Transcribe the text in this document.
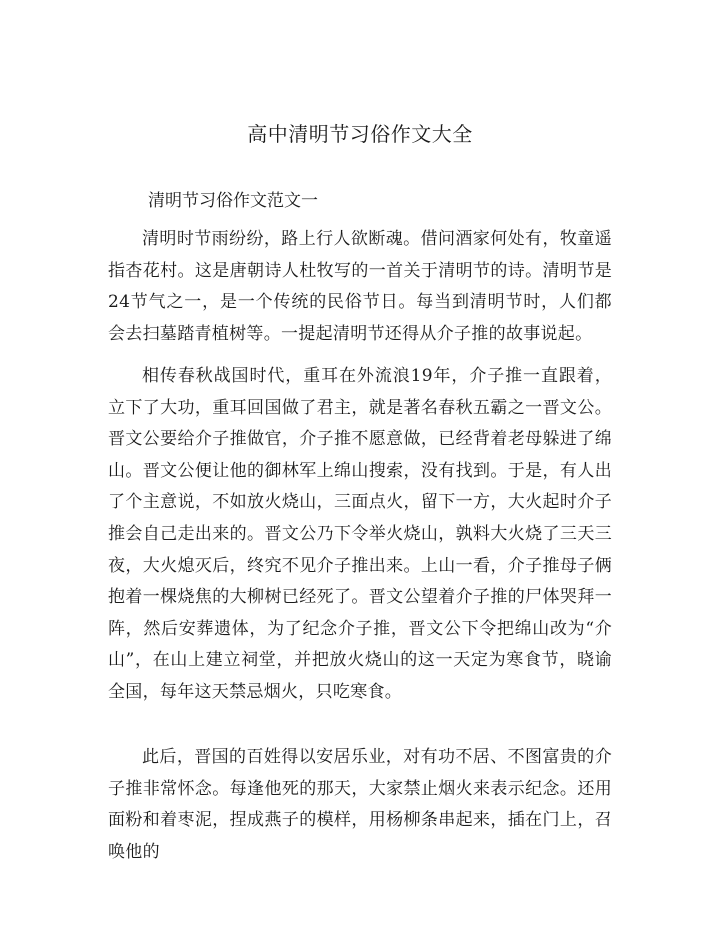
高中清明节习俗作文大全
清明节习俗作文范文一

清明时节雨纷纷，路上行人欲断魂。借问酒家何处有，牧童遥指杏花村。这是唐朝诗人杜牧写的一首关于清明节的诗。清明节是24节气之一，是一个传统的民俗节日。每当到清明节时，人们都会去扫墓踏青植树等。一提起清明节还得从介子推的故事说起。

相传春秋战国时代，重耳在外流浪19年，介子推一直跟着，立下了大功，重耳回国做了君主，就是著名春秋五霸之一晋文公。晋文公要给介子推做官，介子推不愿意做，已经背着老母躲进了绵山。晋文公便让他的御林军上绵山搜索，没有找到。于是，有人出了个主意说，不如放火烧山，三面点火，留下一方，大火起时介子推会自己走出来的。晋文公乃下令举火烧山，孰料大火烧了三天三夜，大火熄灭后，终究不见介子推出来。上山一看，介子推母子俩抱着一棵烧焦的大柳树已经死了。晋文公望着介子推的尸体哭拜一阵，然后安葬遗体，为了纪念介子推，晋文公下令把绵山改为“介山”，在山上建立祠堂，并把放火烧山的这一天定为寒食节，晓谕全国，每年这天禁忌烟火，只吃寒食。

此后，晋国的百姓得以安居乐业，对有功不居、不图富贵的介子推非常怀念。每逢他死的那天，大家禁止烟火来表示纪念。还用面粉和着枣泥，捏成燕子的模样，用杨柳条串起来，插在门上，召唤他的
